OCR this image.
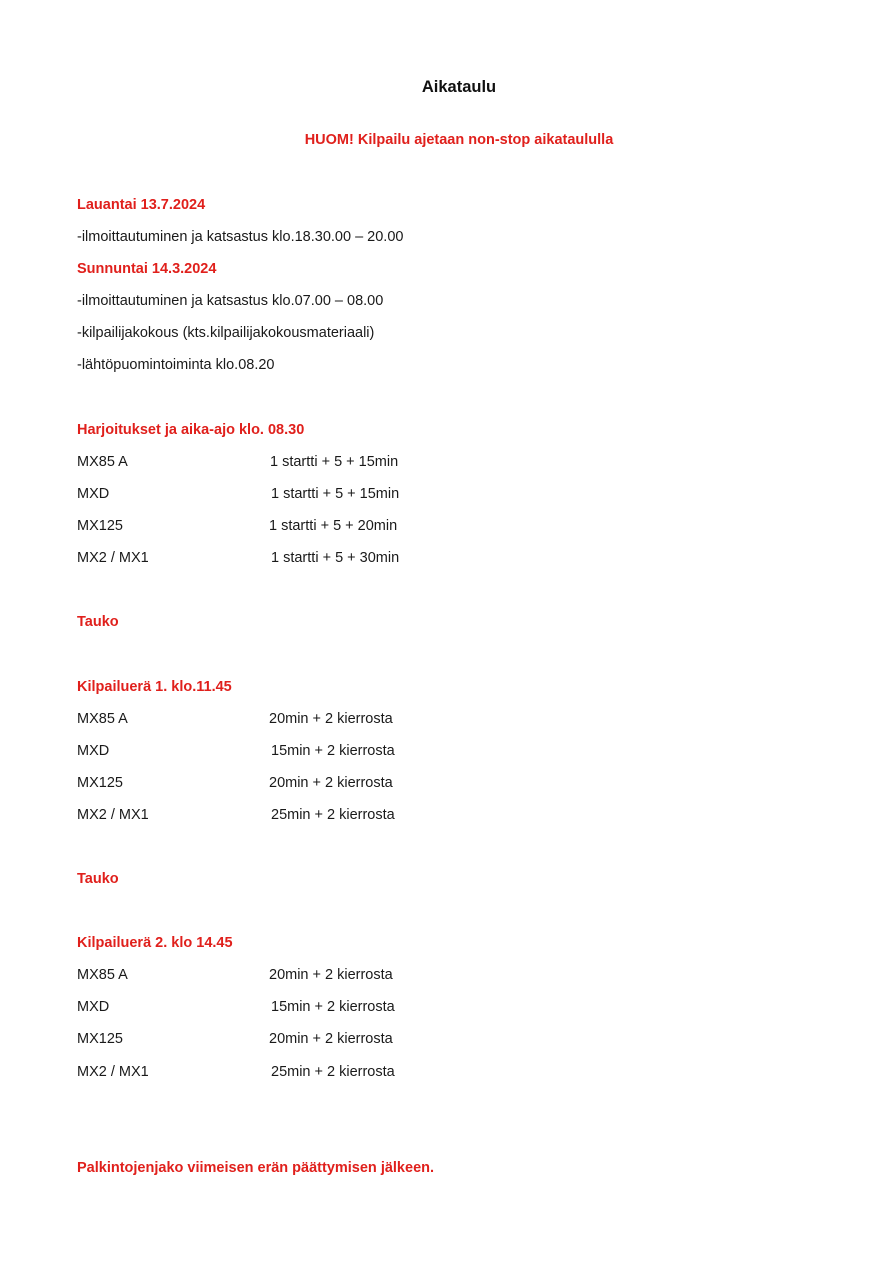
Aikataulu
HUOM! Kilpailu ajetaan non-stop aikataululla
Lauantai 13.7.2024
-ilmoittautuminen ja katsastus klo.18.30.00 – 20.00
Sunnuntai 14.3.2024
-ilmoittautuminen ja katsastus klo.07.00 – 08.00
-kilpailijakokous (kts.kilpailijakokousmateriaali)
-lähtöpuomintoiminta klo.08.20
Harjoitukset ja aika-ajo klo. 08.30
MX85 A	1 startti + 5 + 15min
MXD	1 startti + 5 + 15min
MX125	1 startti + 5 + 20min
MX2 / MX1	1 startti + 5 + 30min
Tauko
Kilpailuerä 1. klo.11.45
MX85 A	20min + 2 kierrosta
MXD	15min + 2 kierrosta
MX125	20min + 2 kierrosta
MX2 / MX1	25min + 2 kierrosta
Tauko
Kilpailuerä 2. klo 14.45
MX85 A	20min + 2 kierrosta
MXD	15min + 2 kierrosta
MX125	20min + 2 kierrosta
MX2 / MX1	25min + 2 kierrosta
Palkintojenjako viimeisen erän päättymisen jälkeen.
